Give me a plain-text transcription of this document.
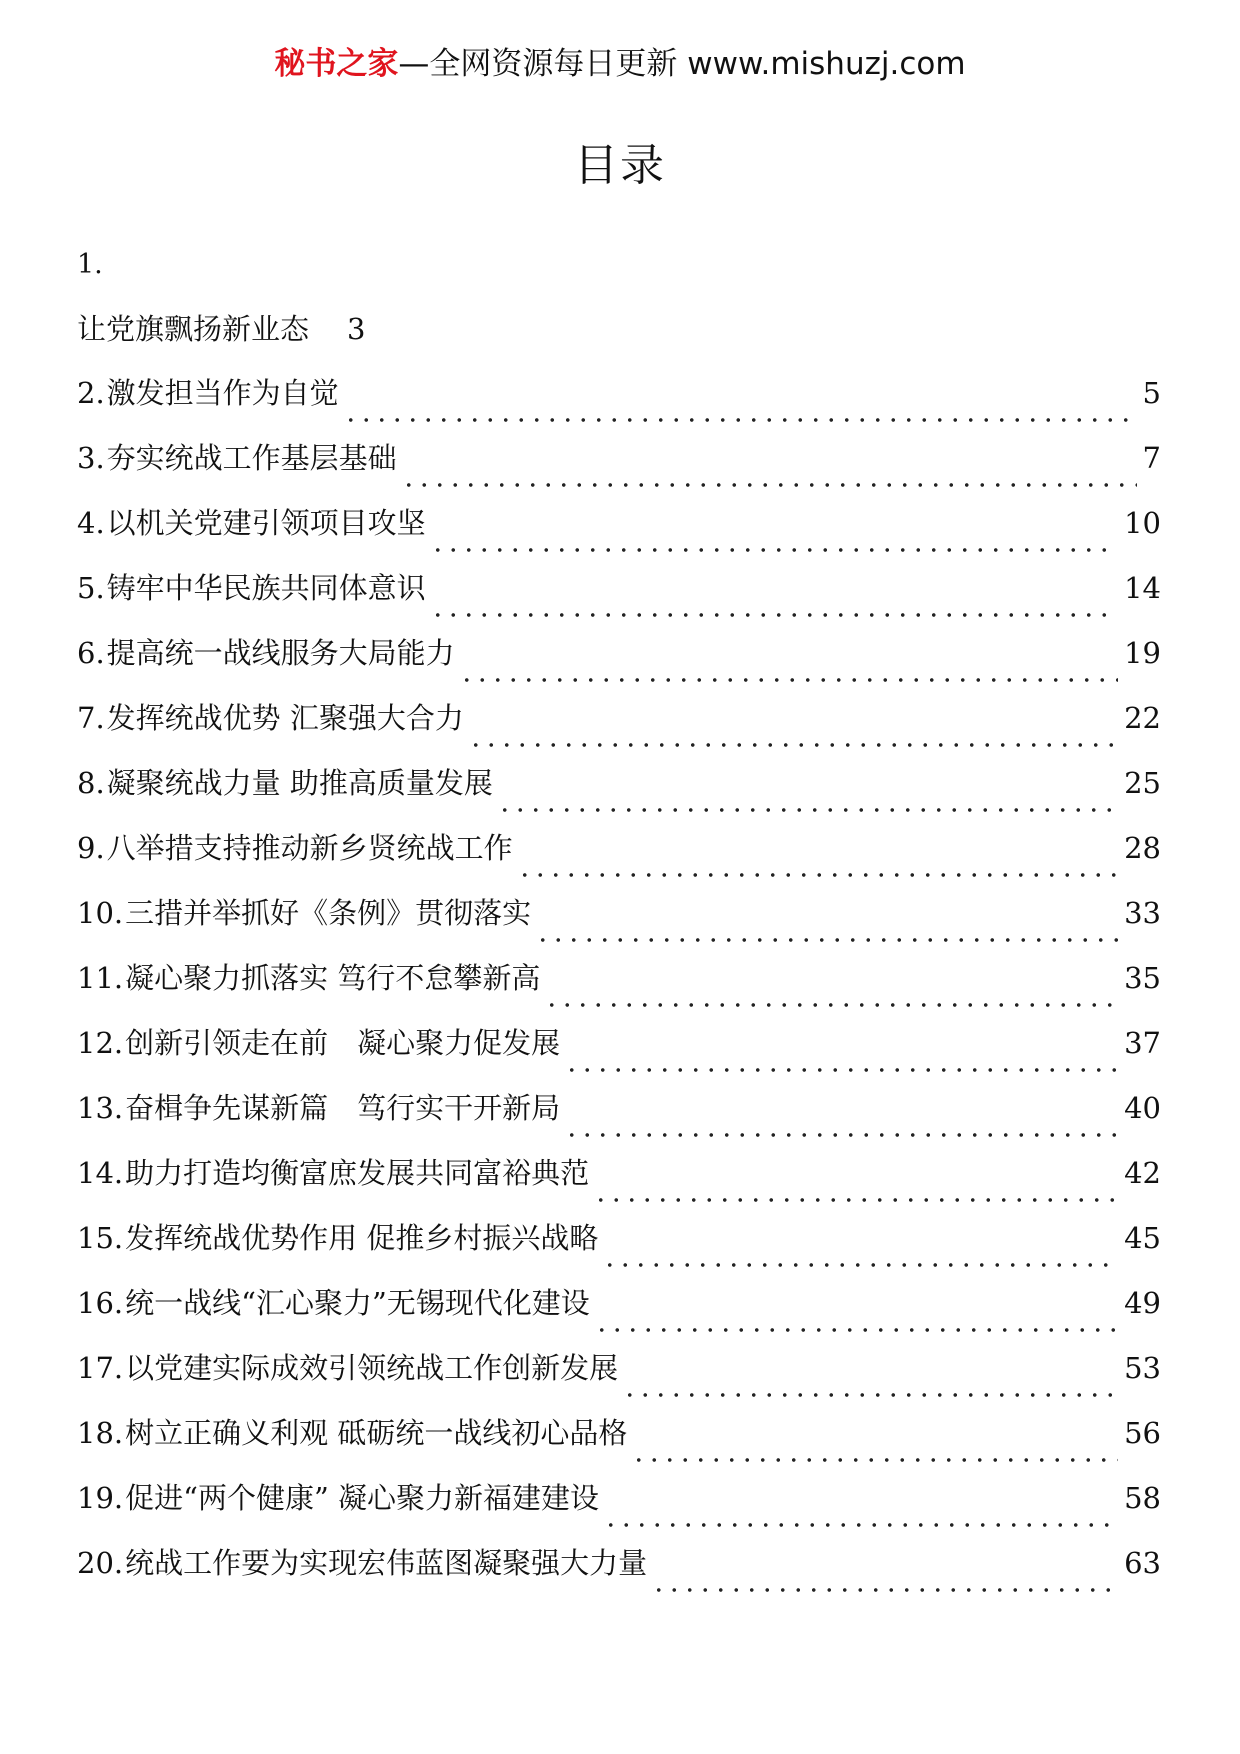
秘书之家—全网资源每日更新 www.mishuzj.com
目录
1.
让党旗飘扬新业态 3
2. 激发担当作为自觉	5
3. 夯实统战工作基层基础	7
4. 以机关党建引领项目攻坚	10
5. 铸牢中华民族共同体意识	14
6. 提高统一战线服务大局能力	19
7. 发挥统战优势 汇聚强大合力	22
8. 凝聚统战力量 助推高质量发展	25
9. 八举措支持推动新乡贤统战工作	28
10. 三措并举抓好《条例》贯彻落实	33
11. 凝心聚力抓落实 笃行不怠攀新高	35
12. 创新引领走在前　凝心聚力促发展	37
13. 奋楫争先谋新篇　笃行实干开新局	40
14. 助力打造均衡富庶发展共同富裕典范	42
15. 发挥统战优势作用 促推乡村振兴战略	45
16. 统一战线“汇心聚力”无锡现代化建设	49
17. 以党建实际成效引领统战工作创新发展	53
18. 树立正确义利观 砥砺统一战线初心品格	56
19. 促进“两个健康” 凝心聚力新福建建设	58
20. 统战工作要为实现宏伟蓝图凝聚强大力量	63
